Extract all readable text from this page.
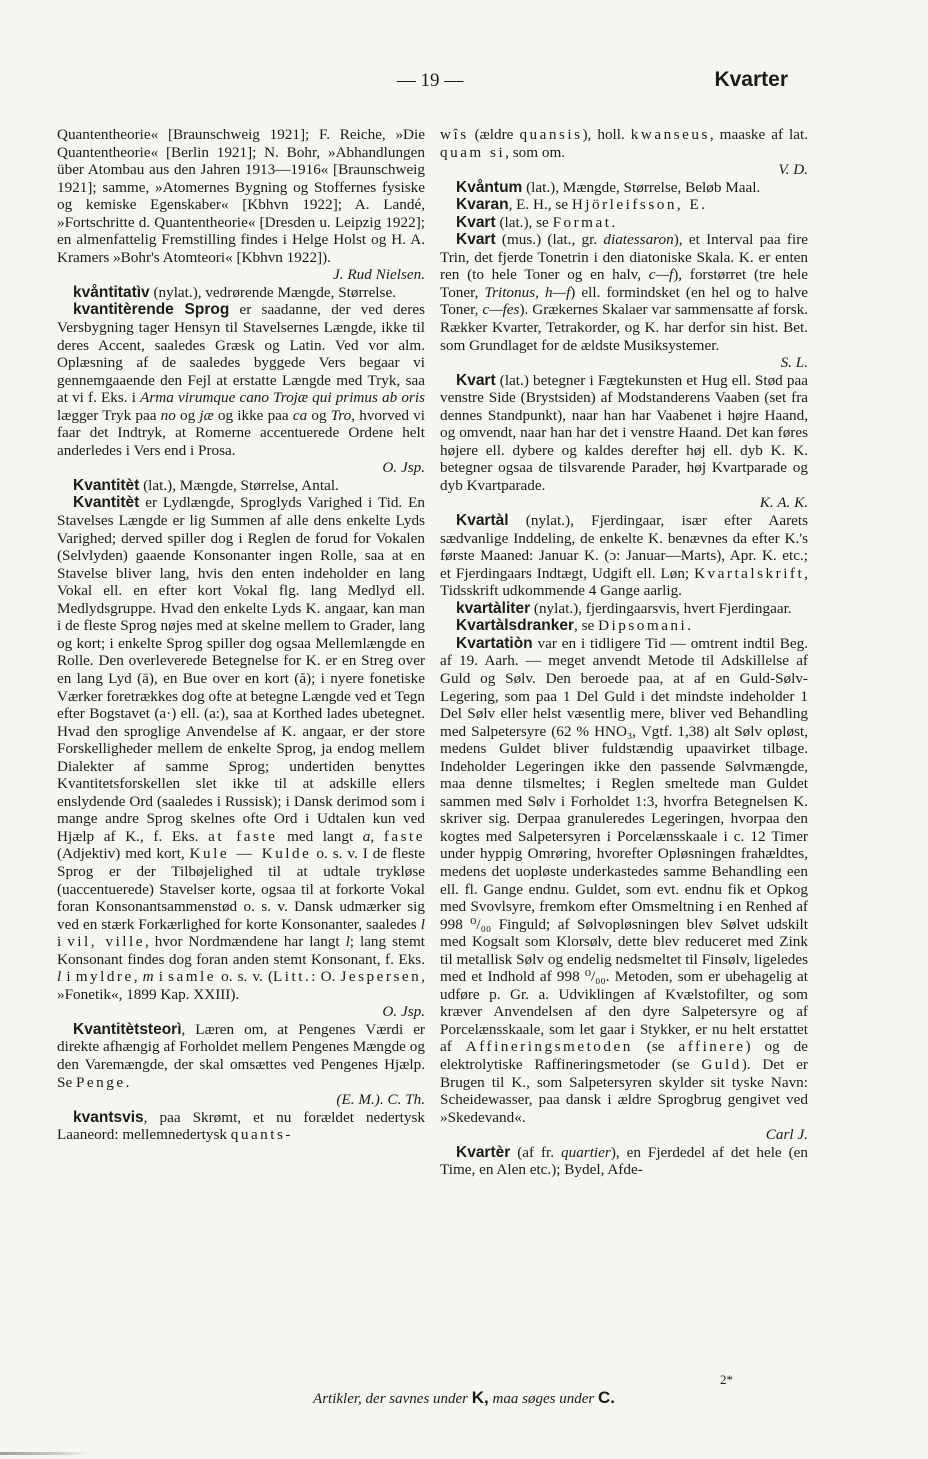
— 19 —	Kvarter

Quantentheorie« [Braunschweig 1921]; F. Reiche, »Die Quantentheorie« [Berlin 1921]; N. Bohr, »Abhandlungen über Atombau aus den Jahren 1913—1916« [Braunschweig 1921]; samme, »Atomernes Bygning og Stoffernes fysiske og kemiske Egenskaber« [Kbhvn 1922]; A. Landé, »Fortschritte d. Quantentheorie« [Dresden u. Leipzig 1922]; en almenfattelig Fremstilling findes i Helge Holst og H. A. Kramers »Bohr's Atomteori« [Kbhvn 1922]).

J. Rud Nielsen.

kvåntitatìv (nylat.), vedrørende Mængde, Størrelse.

kvantitèrende Sprog er saadanne, der ved deres Versbygning tager Hensyn til Stavelsernes Længde, ikke til deres Accent, saaledes Græsk og Latin. Ved vor alm. Oplæsning af de saaledes byggede Vers begaar vi gennemgaaende den Fejl at erstatte Længde med Tryk, saa at vi f. Eks. i Arma virumque cano Trojæ qui primus ab oris lægger Tryk paa no og jæ og ikke paa ca og Tro, hvorved vi faar det Indtryk, at Romerne accentuerede Ordene helt anderledes i Vers end i Prosa.

O. Jsp.

Kvantitèt (lat.), Mængde, Størrelse, Antal.

Kvantitèt er Lydlængde, Sproglyds Varighed i Tid. En Stavelses Længde er lig Summen af alle dens enkelte Lyds Varighed; derved spiller dog i Reglen de forud for Vokalen (Selvlyden) gaaende Konsonanter ingen Rolle, saa at en Stavelse bliver lang, hvis den enten indeholder en lang Vokal ell. en efter kort Vokal flg. lang Medlyd ell. Medlydsgruppe. Hvad den enkelte Lyds K. angaar, kan man i de fleste Sprog nøjes med at skelne mellem to Grader, lang og kort; i enkelte Sprog spiller dog ogsaa Mellemlængde en Rolle. Den overleverede Betegnelse for K. er en Streg over en lang Lyd (ā), en Bue over en kort (ă); i nyere fonetiske Værker foretrækkes dog ofte at betegne Længde ved et Tegn efter Bogstavet (a·) ell. (a:), saa at Korthed lades ubetegnet. Hvad den sproglige Anvendelse af K. angaar, er der store Forskelligheder mellem de enkelte Sprog, ja endog mellem Dialekter af samme Sprog; undertiden benyttes Kvantitetsforskellen slet ikke til at adskille ellers enslydende Ord (saaledes i Russisk); i Dansk derimod som i mange andre Sprog skelnes ofte Ord i Udtalen kun ved Hjælp af K., f. Eks. at faste med langt a, faste (Adjektiv) med kort, Kule — Kulde o. s. v. I de fleste Sprog er der Tilbøjelighed til at udtale trykløse (uaccentuerede) Stavelser korte, ogsaa til at forkorte Vokal foran Konsonantsammenstød o. s. v. Dansk udmærker sig ved en stærk Forkærlighed for korte Konsonanter, saaledes l i vil, ville, hvor Nordmændene har langt l; lang stemt Konsonant findes dog foran anden stemt Konsonant, f. Eks. l i myldre, m i samle o. s. v. (Litt.: O. Jespersen, »Fonetik«, 1899 Kap. XXIII).

O. Jsp.

Kvantitètsteorì, Læren om, at Pengenes Værdi er direkte afhængig af Forholdet mellem Pengenes Mængde og den Varemængde, der skal omsættes ved Pengenes Hjælp. Se Penge.

(E. M.). C. Th.

kvantsvis, paa Skrømt, et nu forældet nedertysk Laaneord: mellemnedertysk quants-

wîs (ældre quansis), holl. kwanseus, maaske af lat. quam si, som om.

V. D.

Kvåntum (lat.), Mængde, Størrelse, Beløb Maal.

Kvaran, E. H., se Hjörleifsson, E.

Kvart (lat.), se Format.

Kvart (mus.) (lat., gr. diatessaron), et Interval paa fire Trin, det fjerde Tonetrin i den diatoniske Skala. K. er enten ren (to hele Toner og en halv, c—f), forstørret (tre hele Toner, Tritonus, h—f) ell. formindsket (en hel og to halve Toner, c—fes). Grækernes Skalaer var sammensatte af forsk. Rækker Kvarter, Tetrakorder, og K. har derfor sin hist. Bet. som Grundlaget for de ældste Musiksystemer.

S. L.

Kvart (lat.) betegner i Fægtekunsten et Hug ell. Stød paa venstre Side (Brystsiden) af Modstanderens Vaaben (set fra dennes Standpunkt), naar han har Vaabenet i højre Haand, og omvendt, naar han har det i venstre Haand. Det kan føres højere ell. dybere og kaldes derefter høj ell. dyb K. K. betegner ogsaa de tilsvarende Parader, høj Kvartparade og dyb Kvartparade.

K. A. K.

Kvartàl (nylat.), Fjerdingaar, især efter Aarets sædvanlige Inddeling, de enkelte K. benævnes da efter K.'s første Maaned: Januar K. (ɔ: Januar—Marts), Apr. K. etc.; et Fjerdingaars Indtægt, Udgift ell. Løn; Kvartalskrift, Tidsskrift udkommende 4 Gange aarlig.

kvartàliter (nylat.), fjerdingaarsvis, hvert Fjerdingaar.

Kvartàlsdranker, se Dipsomani.

Kvartatiòn var en i tidligere Tid — omtrent indtil Beg. af 19. Aarh. — meget anvendt Metode til Adskillelse af Guld og Sølv. Den beroede paa, at af en Guld-Sølv-Legering, som paa 1 Del Guld i det mindste indeholder 1 Del Sølv eller helst væsentlig mere, bliver ved Behandling med Salpetersyre (62 % HNO₃, Vgtf. 1,38) alt Sølv opløst, medens Guldet bliver fuldstændig upaavirket tilbage. Indeholder Legeringen ikke den passende Sølvmængde, maa denne tilsmeltes; i Reglen smeltede man Guldet sammen med Sølv i Forholdet 1:3, hvorfra Betegnelsen K. skriver sig. Derpaa granuleredes Legeringen, hvorpaa den kogtes med Salpetersyren i Porcelænsskaale i c. 12 Timer under hyppig Omrøring, hvorefter Opløsningen frahældtes, medens det uopløste underkastedes samme Behandling een ell. fl. Gange endnu. Guldet, som evt. endnu fik et Opkog med Svovlsyre, fremkom efter Omsmeltning i en Renhed af 998 ⁰/₀₀ Finguld; af Sølvopløsningen blev Sølvet udskilt med Kogsalt som Klorsølv, dette blev reduceret med Zink til metallisk Sølv og endelig nedsmeltet til Finsølv, ligeledes med et Indhold af 998 ⁰/₀₀. Metoden, som er ubehagelig at udføre p. Gr. a. Udviklingen af Kvælstofilter, og som kræver Anvendelsen af den dyre Salpetersyre og af Porcelænsskaale, som let gaar i Stykker, er nu helt erstattet af Affineringsmetoden (se affinere) og de elektrolytiske Raffineringsmetoder (se Guld). Det er Brugen til K., som Salpetersyren skylder sit tyske Navn: Scheidewasser, paa dansk i ældre Sprogbrug gengivet ved »Skedevand«.

Carl J.

Kvartèr (af fr. quartier), en Fjerdedel af det hele (en Time, en Alen etc.); Bydel, Afde-

2*
Artikler, der savnes under K, maa søges under C.
